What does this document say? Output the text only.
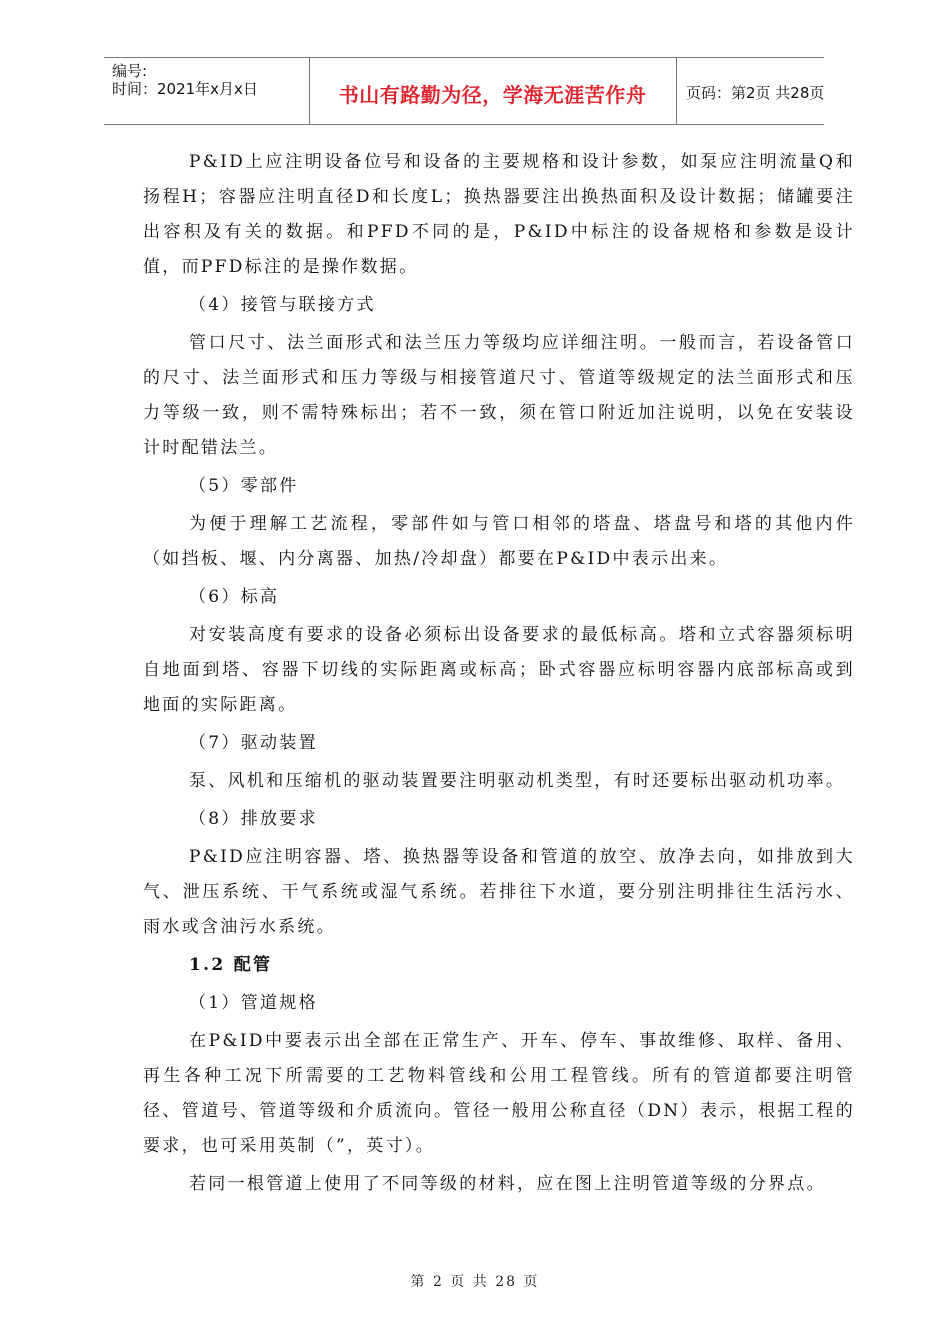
编号:
时间：2021年x月x日	书山有路勤为径，学海无涯苦作舟	页码：第2页 共28页

P&ID上应注明设备位号和设备的主要规格和设计参数，如泵应注明流量Q和扬程H；容器应注明直径D和长度L；换热器要注出换热面积及设计数据；储罐要注出容积及有关的数据。和PFD不同的是，P&ID中标注的设备规格和参数是设计值，而PFD标注的是操作数据。

（4）接管与联接方式

管口尺寸、法兰面形式和法兰压力等级均应详细注明。一般而言，若设备管口的尺寸、法兰面形式和压力等级与相接管道尺寸、管道等级规定的法兰面形式和压力等级一致，则不需特殊标出；若不一致，须在管口附近加注说明，以免在安装设计时配错法兰。

（5）零部件

为便于理解工艺流程，零部件如与管口相邻的塔盘、塔盘号和塔的其他内件（如挡板、堰、内分离器、加热/冷却盘）都要在P&ID中表示出来。

（6）标高

对安装高度有要求的设备必须标出设备要求的最低标高。塔和立式容器须标明自地面到塔、容器下切线的实际距离或标高；卧式容器应标明容器内底部标高或到地面的实际距离。

（7）驱动装置

泵、风机和压缩机的驱动装置要注明驱动机类型，有时还要标出驱动机功率。

（8）排放要求

P&ID应注明容器、塔、换热器等设备和管道的放空、放净去向，如排放到大气、泄压系统、干气系统或湿气系统。若排往下水道，要分别注明排往生活污水、雨水或含油污水系统。

1.2 配管

（1）管道规格

在P&ID中要表示出全部在正常生产、开车、停车、事故维修、取样、备用、再生各种工况下所需要的工艺物料管线和公用工程管线。所有的管道都要注明管径、管道号、管道等级和介质流向。管径一般用公称直径（DN）表示，根据工程的要求，也可采用英制（”，英寸）。

若同一根管道上使用了不同等级的材料，应在图上注明管道等级的分界点。

第 2 页 共 28 页
